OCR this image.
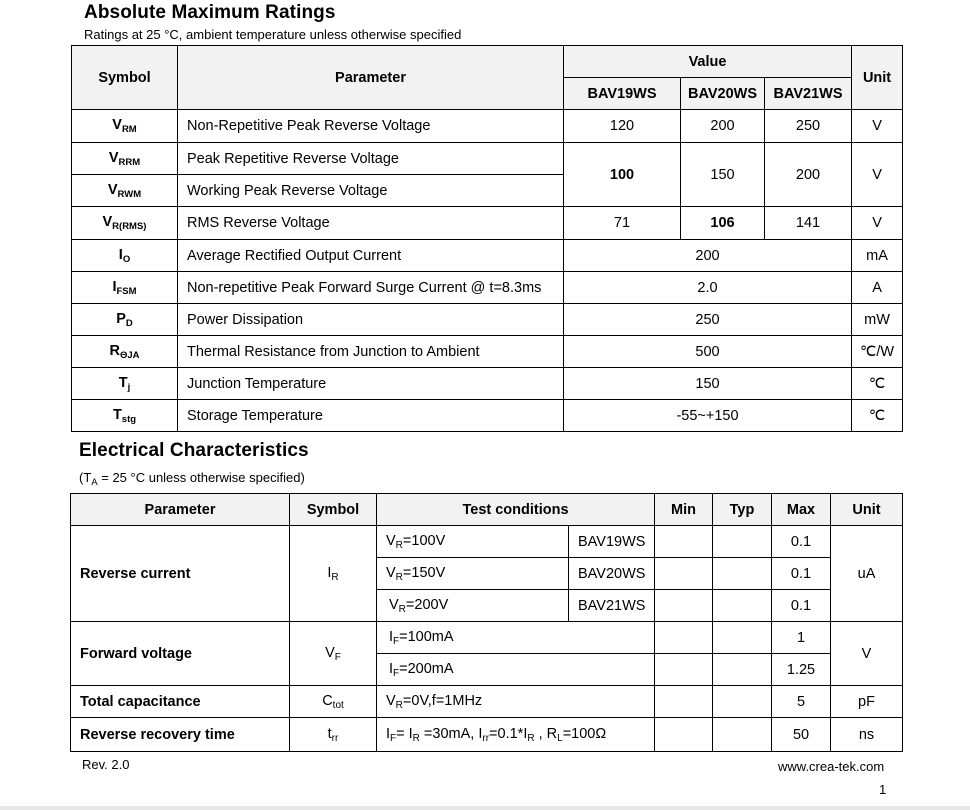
Absolute Maximum Ratings
Ratings at 25 °C, ambient temperature unless otherwise specified
Symbol	Parameter	Value			Unit
		BAV19WS	BAV20WS	BAV21WS	
$V_{RM}$	Non-Repetitive Peak Reverse Voltage	120	200	250	V
$V_{RRM}$	Peak Repetitive Reverse Voltage	100	150	200	V
$V_{RWM}$	Working Peak Reverse Voltage				
$V_{R(RMS)}$	RMS Reverse Voltage	71	106	141	V
$I_O$	Average Rectified Output Current	200			mA
$I_{FSM}$	Non-repetitive Peak Forward Surge Current @ t=8.3ms	2.0			A
$P_D$	Power Dissipation	250			mW
$R_{\Theta JA}$	Thermal Resistance from Junction to Ambient	500			℃/W
$T_j$	Junction Temperature	150			℃
$T_{stg}$	Storage Temperature	-55~+150			℃
Electrical Characteristics
($T_A = 25$ °C unless otherwise specified)
Parameter	Symbol	Test conditions		Min	Typ	Max	Unit
Reverse current	$I_R$	$V_R=100V$	BAV19WS			0.1	uA
		$V_R=150V$	BAV20WS			0.1	
		$V_R=200V$	BAV21WS			0.1	
Forward voltage	$V_F$	$I_F=100mA$				1	V
		$I_F=200mA$				1.25	
Total capacitance	$C_{tot}$	$V_R=0V,f=1MHz$				5	pF
Reverse recovery time	$t_{rr}$	$I_F= I_R =30mA$, $I_{rr}=0.1*I_R$ , $R_L=100\Omega$				50	ns
Rev. 2.0	www.crea-tek.com
1
